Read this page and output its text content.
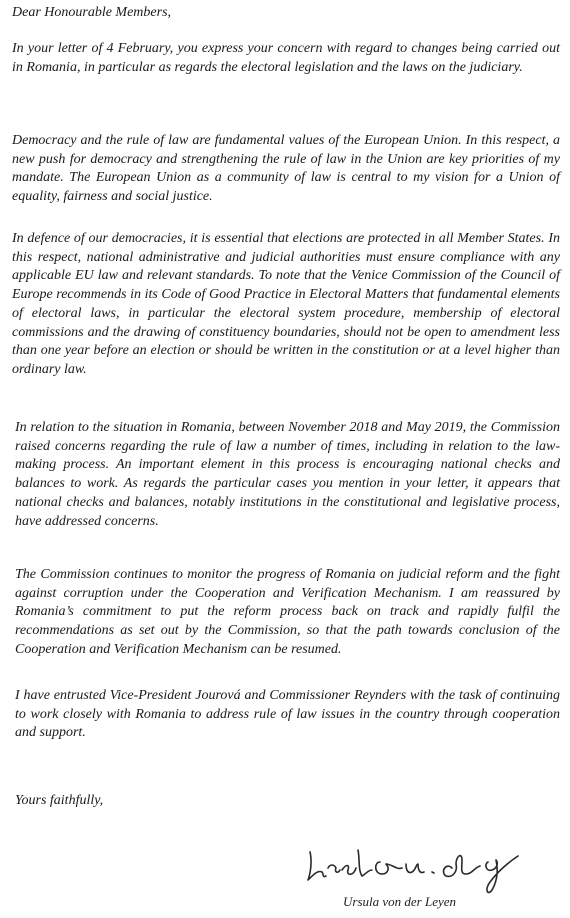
Dear Honourable Members,

In your letter of 4 February, you express your concern with regard to changes being carried out in Romania, in particular as regards the electoral legislation and the laws on the judiciary.

Democracy and the rule of law are fundamental values of the European Union. In this respect, a new push for democracy and strengthening the rule of law in the Union are key priorities of my mandate. The European Union as a community of law is central to my vision for a Union of equality, fairness and social justice.

In defence of our democracies, it is essential that elections are protected in all Member States. In this respect, national administrative and judicial authorities must ensure compliance with any applicable EU law and relevant standards. To note that the Venice Commission of the Council of Europe recommends in its Code of Good Practice in Electoral Matters that fundamental elements of electoral laws, in particular the electoral system procedure, membership of electoral commissions and the drawing of constituency boundaries, should not be open to amendment less than one year before an election or should be written in the constitution or at a level higher than ordinary law.

In relation to the situation in Romania, between November 2018 and May 2019, the Commission raised concerns regarding the rule of law a number of times, including in relation to the law-making process. An important element in this process is encouraging national checks and balances to work. As regards the particular cases you mention in your letter, it appears that national checks and balances, notably institutions in the constitutional and legislative process, have addressed concerns.

The Commission continues to monitor the progress of Romania on judicial reform and the fight against corruption under the Cooperation and Verification Mechanism. I am reassured by Romania’s commitment to put the reform process back on track and rapidly fulfil the recommendations as set out by the Commission, so that the path towards conclusion of the Cooperation and Verification Mechanism can be resumed.

I have entrusted Vice-President Jourová and Commissioner Reynders with the task of continuing to work closely with Romania to address rule of law issues in the country through cooperation and support.

Yours faithfully,

Ursula von der Leyen
